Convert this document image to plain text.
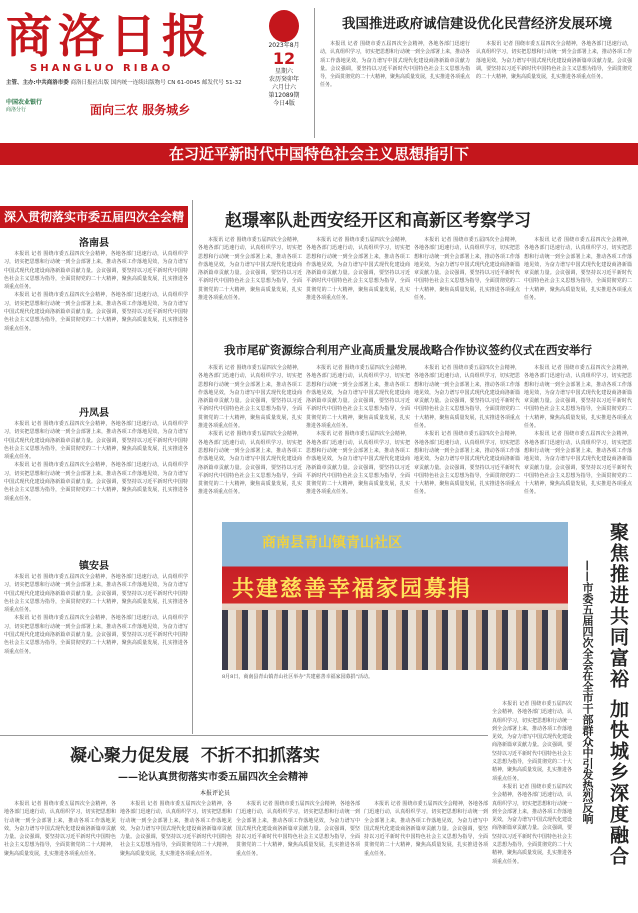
商洛日报
SHANGLUO RIBAO
主管、主办:中共商洛市委 商洛日报社出版 国内统一连续出版物号 CN 61-0045 邮发代号 51-32
中国农业银行
商洛分行	面向三农 服务城乡
2023年8月
12
星期六
农历癸卯年
六月廿六
第12089期
今日4版
我国推进政府诚信建设优化民营经济发展环境

本报讯 记者 围绕市委五届四次全会精神，各地各部门迅速行动，认真组织学习，切实把思想和行动统一到全会部署上来，推动各项工作落地见效，为奋力谱写中国式现代化建设商洛新篇章贡献力量。会议强调，要坚持以习近平新时代中国特色社会主义思想为指导，全面贯彻党的二十大精神，聚焦高质量发展，扎实推进各项重点任务。

本报讯 记者 围绕市委五届四次全会精神，各地各部门迅速行动，认真组织学习，切实把思想和行动统一到全会部署上来，推动各项工作落地见效，为奋力谱写中国式现代化建设商洛新篇章贡献力量。会议强调，要坚持以习近平新时代中国特色社会主义思想为指导，全面贯彻党的二十大精神，聚焦高质量发展，扎实推进各项重点任务。

在习近平新时代中国特色社会主义思想指引下
深入贯彻落实市委五届四次全会精神	洛南县

本报讯 记者 围绕市委五届四次全会精神，各地各部门迅速行动，认真组织学习，切实把思想和行动统一到全会部署上来，推动各项工作落地见效，为奋力谱写中国式现代化建设商洛新篇章贡献力量。会议强调，要坚持以习近平新时代中国特色社会主义思想为指导，全面贯彻党的二十大精神，聚焦高质量发展，扎实推进各项重点任务。

本报讯 记者 围绕市委五届四次全会精神，各地各部门迅速行动，认真组织学习，切实把思想和行动统一到全会部署上来，推动各项工作落地见效，为奋力谱写中国式现代化建设商洛新篇章贡献力量。会议强调，要坚持以习近平新时代中国特色社会主义思想为指导，全面贯彻党的二十大精神，聚焦高质量发展，扎实推进各项重点任务。

丹凤县

本报讯 记者 围绕市委五届四次全会精神，各地各部门迅速行动，认真组织学习，切实把思想和行动统一到全会部署上来，推动各项工作落地见效，为奋力谱写中国式现代化建设商洛新篇章贡献力量。会议强调，要坚持以习近平新时代中国特色社会主义思想为指导，全面贯彻党的二十大精神，聚焦高质量发展，扎实推进各项重点任务。

本报讯 记者 围绕市委五届四次全会精神，各地各部门迅速行动，认真组织学习，切实把思想和行动统一到全会部署上来，推动各项工作落地见效，为奋力谱写中国式现代化建设商洛新篇章贡献力量。会议强调，要坚持以习近平新时代中国特色社会主义思想为指导，全面贯彻党的二十大精神，聚焦高质量发展，扎实推进各项重点任务。

镇安县

本报讯 记者 围绕市委五届四次全会精神，各地各部门迅速行动，认真组织学习，切实把思想和行动统一到全会部署上来，推动各项工作落地见效，为奋力谱写中国式现代化建设商洛新篇章贡献力量。会议强调，要坚持以习近平新时代中国特色社会主义思想为指导，全面贯彻党的二十大精神，聚焦高质量发展，扎实推进各项重点任务。

本报讯 记者 围绕市委五届四次全会精神，各地各部门迅速行动，认真组织学习，切实把思想和行动统一到全会部署上来，推动各项工作落地见效，为奋力谱写中国式现代化建设商洛新篇章贡献力量。会议强调，要坚持以习近平新时代中国特色社会主义思想为指导，全面贯彻党的二十大精神，聚焦高质量发展，扎实推进各项重点任务。

赵璟率队赴西安经开区和高新区考察学习

本报讯 记者 围绕市委五届四次全会精神，各地各部门迅速行动，认真组织学习，切实把思想和行动统一到全会部署上来，推动各项工作落地见效，为奋力谱写中国式现代化建设商洛新篇章贡献力量。会议强调，要坚持以习近平新时代中国特色社会主义思想为指导，全面贯彻党的二十大精神，聚焦高质量发展，扎实推进各项重点任务。

本报讯 记者 围绕市委五届四次全会精神，各地各部门迅速行动，认真组织学习，切实把思想和行动统一到全会部署上来，推动各项工作落地见效，为奋力谱写中国式现代化建设商洛新篇章贡献力量。会议强调，要坚持以习近平新时代中国特色社会主义思想为指导，全面贯彻党的二十大精神，聚焦高质量发展，扎实推进各项重点任务。

本报讯 记者 围绕市委五届四次全会精神，各地各部门迅速行动，认真组织学习，切实把思想和行动统一到全会部署上来，推动各项工作落地见效，为奋力谱写中国式现代化建设商洛新篇章贡献力量。会议强调，要坚持以习近平新时代中国特色社会主义思想为指导，全面贯彻党的二十大精神，聚焦高质量发展，扎实推进各项重点任务。

本报讯 记者 围绕市委五届四次全会精神，各地各部门迅速行动，认真组织学习，切实把思想和行动统一到全会部署上来，推动各项工作落地见效，为奋力谱写中国式现代化建设商洛新篇章贡献力量。会议强调，要坚持以习近平新时代中国特色社会主义思想为指导，全面贯彻党的二十大精神，聚焦高质量发展，扎实推进各项重点任务。

我市尾矿资源综合利用产业高质量发展战略合作协议签约仪式在西安举行

本报讯 记者 围绕市委五届四次全会精神，各地各部门迅速行动，认真组织学习，切实把思想和行动统一到全会部署上来，推动各项工作落地见效，为奋力谱写中国式现代化建设商洛新篇章贡献力量。会议强调，要坚持以习近平新时代中国特色社会主义思想为指导，全面贯彻党的二十大精神，聚焦高质量发展，扎实推进各项重点任务。

本报讯 记者 围绕市委五届四次全会精神，各地各部门迅速行动，认真组织学习，切实把思想和行动统一到全会部署上来，推动各项工作落地见效，为奋力谱写中国式现代化建设商洛新篇章贡献力量。会议强调，要坚持以习近平新时代中国特色社会主义思想为指导，全面贯彻党的二十大精神，聚焦高质量发展，扎实推进各项重点任务。

本报讯 记者 围绕市委五届四次全会精神，各地各部门迅速行动，认真组织学习，切实把思想和行动统一到全会部署上来，推动各项工作落地见效，为奋力谱写中国式现代化建设商洛新篇章贡献力量。会议强调，要坚持以习近平新时代中国特色社会主义思想为指导，全面贯彻党的二十大精神，聚焦高质量发展，扎实推进各项重点任务。

本报讯 记者 围绕市委五届四次全会精神，各地各部门迅速行动，认真组织学习，切实把思想和行动统一到全会部署上来，推动各项工作落地见效，为奋力谱写中国式现代化建设商洛新篇章贡献力量。会议强调，要坚持以习近平新时代中国特色社会主义思想为指导，全面贯彻党的二十大精神，聚焦高质量发展，扎实推进各项重点任务。

本报讯 记者 围绕市委五届四次全会精神，各地各部门迅速行动，认真组织学习，切实把思想和行动统一到全会部署上来，推动各项工作落地见效，为奋力谱写中国式现代化建设商洛新篇章贡献力量。会议强调，要坚持以习近平新时代中国特色社会主义思想为指导，全面贯彻党的二十大精神，聚焦高质量发展，扎实推进各项重点任务。

本报讯 记者 围绕市委五届四次全会精神，各地各部门迅速行动，认真组织学习，切实把思想和行动统一到全会部署上来，推动各项工作落地见效，为奋力谱写中国式现代化建设商洛新篇章贡献力量。会议强调，要坚持以习近平新时代中国特色社会主义思想为指导，全面贯彻党的二十大精神，聚焦高质量发展，扎实推进各项重点任务。

本报讯 记者 围绕市委五届四次全会精神，各地各部门迅速行动，认真组织学习，切实把思想和行动统一到全会部署上来，推动各项工作落地见效，为奋力谱写中国式现代化建设商洛新篇章贡献力量。会议强调，要坚持以习近平新时代中国特色社会主义思想为指导，全面贯彻党的二十大精神，聚焦高质量发展，扎实推进各项重点任务。

本报讯 记者 围绕市委五届四次全会精神，各地各部门迅速行动，认真组织学习，切实把思想和行动统一到全会部署上来，推动各项工作落地见效，为奋力谱写中国式现代化建设商洛新篇章贡献力量。会议强调，要坚持以习近平新时代中国特色社会主义思想为指导，全面贯彻党的二十大精神，聚焦高质量发展，扎实推进各项重点任务。

商南县青山镇青山社区
共建慈善幸福家园募捐
8月8日，商南县青山镇青山社区举办"共建慈善幸福家园募捐"活动。	聚焦推进共同富裕 加快城乡深度融合
——市委五届四次全会在全市干部群众中引发热烈反响

本报讯 记者 围绕市委五届四次全会精神，各地各部门迅速行动，认真组织学习，切实把思想和行动统一到全会部署上来，推动各项工作落地见效，为奋力谱写中国式现代化建设商洛新篇章贡献力量。会议强调，要坚持以习近平新时代中国特色社会主义思想为指导，全面贯彻党的二十大精神，聚焦高质量发展，扎实推进各项重点任务。

本报讯 记者 围绕市委五届四次全会精神，各地各部门迅速行动，认真组织学习，切实把思想和行动统一到全会部署上来，推动各项工作落地见效，为奋力谱写中国式现代化建设商洛新篇章贡献力量。会议强调，要坚持以习近平新时代中国特色社会主义思想为指导，全面贯彻党的二十大精神，聚焦高质量发展，扎实推进各项重点任务。

凝心聚力促发展  不折不扣抓落实
——论认真贯彻落实市委五届四次全会精神
本报评论员

本报讯 记者 围绕市委五届四次全会精神，各地各部门迅速行动，认真组织学习，切实把思想和行动统一到全会部署上来，推动各项工作落地见效，为奋力谱写中国式现代化建设商洛新篇章贡献力量。会议强调，要坚持以习近平新时代中国特色社会主义思想为指导，全面贯彻党的二十大精神，聚焦高质量发展，扎实推进各项重点任务。

本报讯 记者 围绕市委五届四次全会精神，各地各部门迅速行动，认真组织学习，切实把思想和行动统一到全会部署上来，推动各项工作落地见效，为奋力谱写中国式现代化建设商洛新篇章贡献力量。会议强调，要坚持以习近平新时代中国特色社会主义思想为指导，全面贯彻党的二十大精神，聚焦高质量发展，扎实推进各项重点任务。

本报讯 记者 围绕市委五届四次全会精神，各地各部门迅速行动，认真组织学习，切实把思想和行动统一到全会部署上来，推动各项工作落地见效，为奋力谱写中国式现代化建设商洛新篇章贡献力量。会议强调，要坚持以习近平新时代中国特色社会主义思想为指导，全面贯彻党的二十大精神，聚焦高质量发展，扎实推进各项重点任务。

本报讯 记者 围绕市委五届四次全会精神，各地各部门迅速行动，认真组织学习，切实把思想和行动统一到全会部署上来，推动各项工作落地见效，为奋力谱写中国式现代化建设商洛新篇章贡献力量。会议强调，要坚持以习近平新时代中国特色社会主义思想为指导，全面贯彻党的二十大精神，聚焦高质量发展，扎实推进各项重点任务。
